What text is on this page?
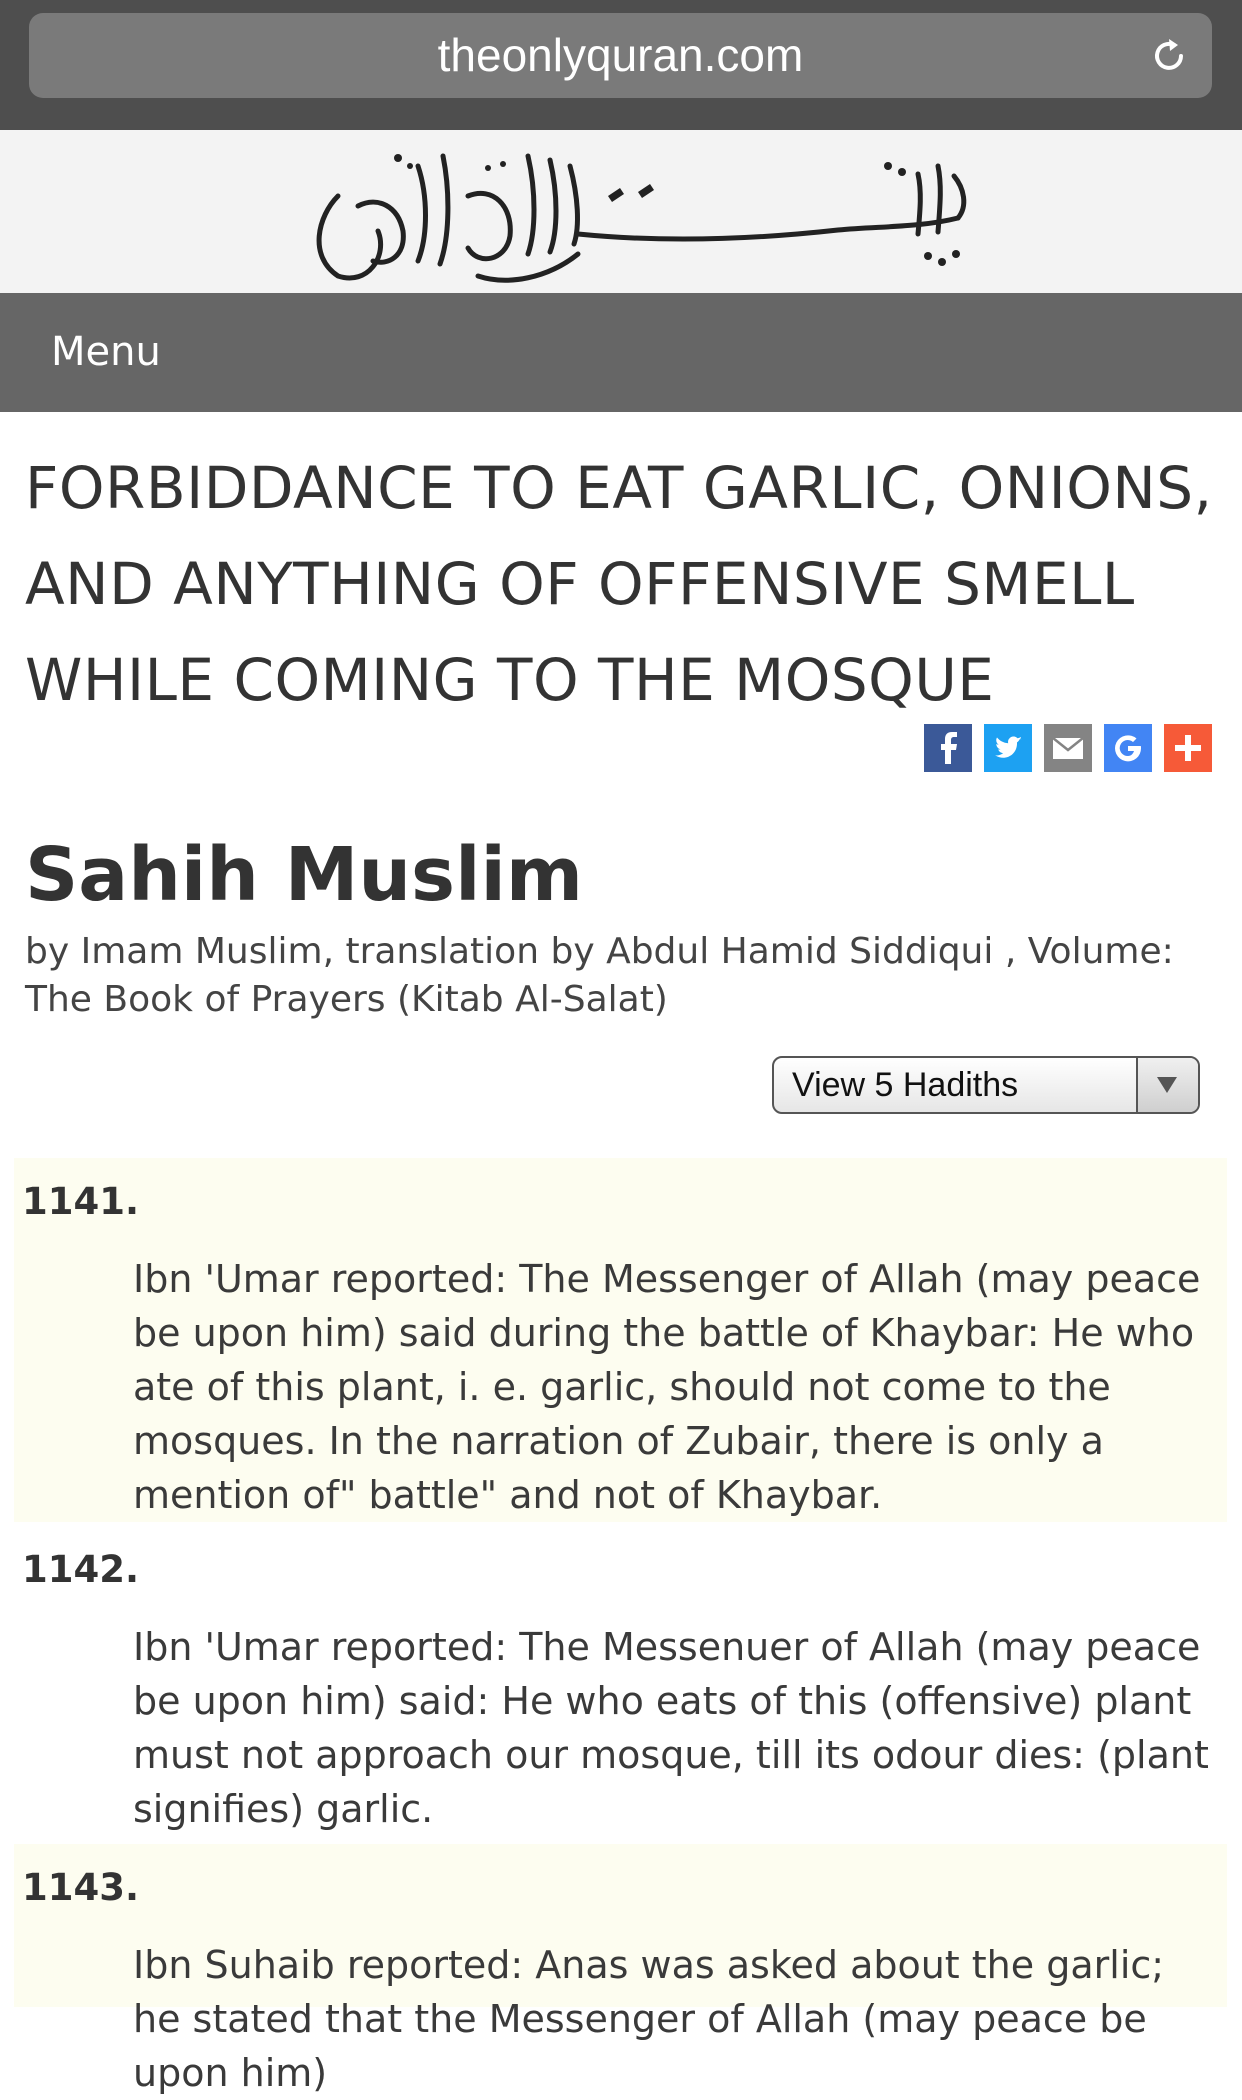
theonlyquran.com
Menu
FORBIDDANCE TO EAT GARLIC, ONIONS, AND ANYTHING OF OFFENSIVE SMELL WHILE COMING TO THE MOSQUE
Sahih Muslim
by Imam Muslim, translation by Abdul Hamid Siddiqui , Volume: The Book of Prayers (Kitab Al-Salat)
View 5 Hadiths
1141.
Ibn 'Umar reported: The Messenger of Allah (may peace be upon him) said during the battle of Khaybar: He who ate of this plant, i. e. garlic, should not come to the mosques. In the narration of Zubair, there is only a mention of" battle" and not of Khaybar.
1142.
Ibn 'Umar reported: The Messenuer of Allah (may peace be upon him) said: He who eats of this (offensive) plant must not approach our mosque, till its odour dies: (plant signifies) garlic.
1143.
Ibn Suhaib reported: Anas was asked about the garlic; he stated that the Messenger of Allah (may peace be upon him)
